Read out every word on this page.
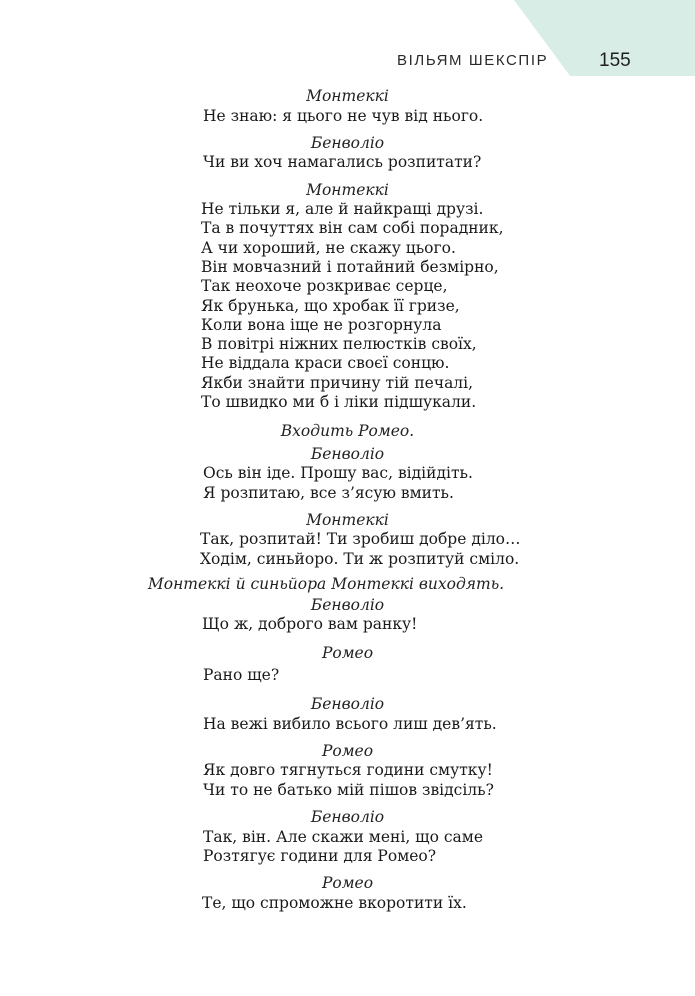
ВІЛЬЯМ ШЕКСПІР	155
Монтеккі
Не знаю: я цього не чув від нього.
Бенволіо
Чи ви хоч намагались розпитати?
Монтеккі
Не тільки я, але й найкращі друзі.
Та в почуттях він сам собі порадник,
А чи хороший, не скажу цього.
Він мовчазний і потайний безмірно,
Так неохоче розкриває серце,
Як брунька, що хробак її гризе,
Коли вона іще не розгорнула
В повітрі ніжних пелюстків своїх,
Не віддала краси своєї сонцю.
Якби знайти причину тій печалі,
То швидко ми б і ліки підшукали.
Входить Ромео.
Бенволіо
Ось він іде. Прошу вас, відійдіть.
Я розпитаю, все з’ясую вмить.
Монтеккі
Так, розпитай! Ти зробиш добре діло…
Ходім, синьйоро. Ти ж розпитуй сміло.
Монтеккі й синьйора Монтеккі виходять.
Бенволіо
Що ж, доброго вам ранку!
Ромео
Рано ще?
Бенволіо
На вежі вибило всього лиш дев’ять.
Ромео
Як довго тягнуться години смутку!
Чи то не батько мій пішов звідсіль?
Бенволіо
Так, він. Але скажи мені, що саме
Розтягує години для Ромео?
Ромео
Те, що спроможне вкоротити їх.
